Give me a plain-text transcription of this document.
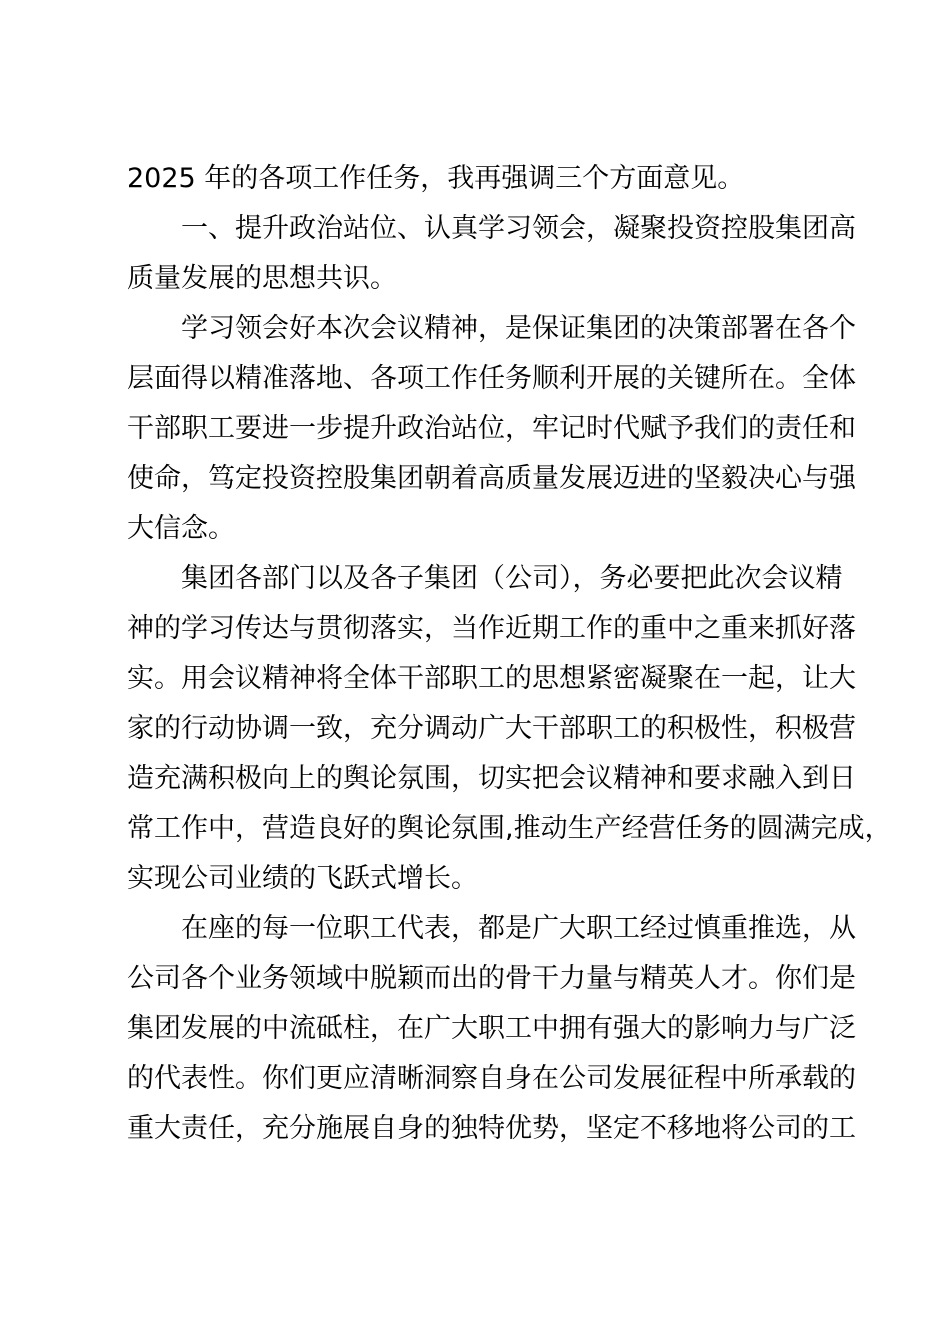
2025 年的各项工作任务，我再强调三个方面意见。
一、提升政治站位、认真学习领会，凝聚投资控股集团高
质量发展的思想共识。
学习领会好本次会议精神，是保证集团的决策部署在各个
层面得以精准落地、各项工作任务顺利开展的关键所在。全体
干部职工要进一步提升政治站位，牢记时代赋予我们的责任和
使命，笃定投资控股集团朝着高质量发展迈进的坚毅决心与强
大信念。
集团各部门以及各子集团（公司），务必要把此次会议精
神的学习传达与贯彻落实，当作近期工作的重中之重来抓好落
实。用会议精神将全体干部职工的思想紧密凝聚在一起，让大
家的行动协调一致，充分调动广大干部职工的积极性，积极营
造充满积极向上的舆论氛围，切实把会议精神和要求融入到日
常工作中，营造良好的舆论氛围,推动生产经营任务的圆满完成，
实现公司业绩的飞跃式增长。
在座的每一位职工代表，都是广大职工经过慎重推选，从
公司各个业务领域中脱颖而出的骨干力量与精英人才。你们是
集团发展的中流砥柱，在广大职工中拥有强大的影响力与广泛
的代表性。你们更应清晰洞察自身在公司发展征程中所承载的
重大责任，充分施展自身的独特优势，坚定不移地将公司的工
